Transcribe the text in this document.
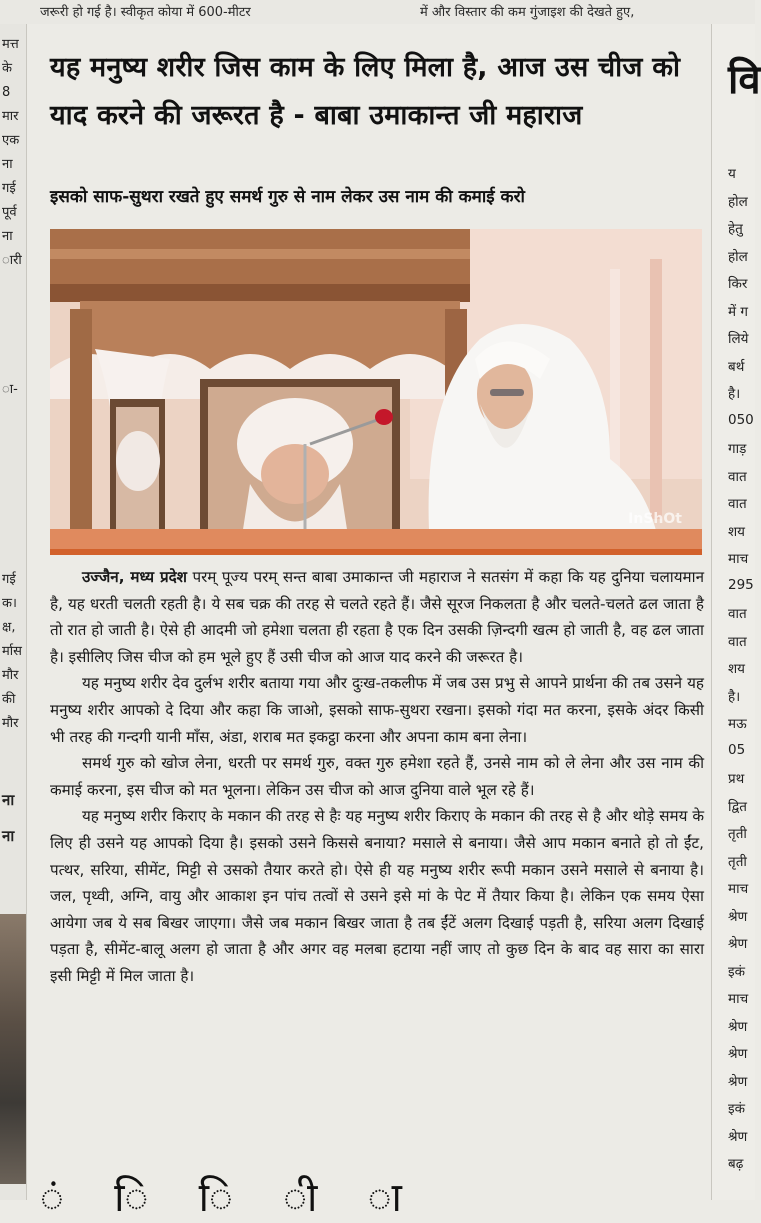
जरूरी हो गई है। स्वीकृत कोया में 600-मीटर	में और विस्तार की कम गुंजाइश की देखते हुए,
मत्त
के
8
मार
एक
ना
गई
पूर्व
ना
ारी
ा-
गई
क।
क्ष,
र्मास
मौर
की
मौर
ना
ना
यह मनुष्य शरीर जिस काम के लिए मिला है, आज उस चीज को याद करने की जरूरत है - बाबा उमाकान्त जी महाराज
इसको साफ-सुथरा रखते हुए समर्थ गुरु से नाम लेकर उस नाम की कमाई करो
InShOt

उज्जैन, मध्य प्रदेश परम् पूज्य परम् सन्त बाबा उमाकान्त जी महाराज ने सतसंग में कहा कि यह दुनिया चलायमान है, यह धरती चलती रहती है। ये सब चक्र की तरह से चलते रहते हैं। जैसे सूरज निकलता है और चलते-चलते ढल जाता है तो रात हो जाती है। ऐसे ही आदमी जो हमेशा चलता ही रहता है एक दिन उसकी ज़िन्दगी खत्म हो जाती है, वह ढल जाता है। इसीलिए जिस चीज को हम भूले हुए हैं उसी चीज को आज याद करने की जरूरत है।

यह मनुष्य शरीर देव दुर्लभ शरीर बताया गया और दुःख-तकलीफ में जब उस प्रभु से आपने प्रार्थना की तब उसने यह मनुष्य शरीर आपको दे दिया और कहा कि जाओ, इसको साफ-सुथरा रखना। इसको गंदा मत करना, इसके अंदर किसी भी तरह की गन्दगी यानी माँस, अंडा, शराब मत इकट्ठा करना और अपना काम बना लेना।

समर्थ गुरु को खोज लेना, धरती पर समर्थ गुरु, वक्त गुरु हमेशा रहते हैं, उनसे नाम को ले लेना और उस नाम की कमाई करना, इस चीज को मत भूलना। लेकिन उस चीज को आज दुनिया वाले भूल रहे हैं।

यह मनुष्य शरीर किराए के मकान की तरह से हैः यह मनुष्य शरीर किराए के मकान की तरह से है और थोड़े समय के लिए ही उसने यह आपको दिया है। इसको उसने किससे बनाया? मसाले से बनाया। जैसे आप मकान बनाते हो तो ईंट, पत्थर, सरिया, सीमेंट, मिट्टी से उसको तैयार करते हो। ऐसे ही यह मनुष्य शरीर रूपी मकान उसने मसाले से बनाया है। जल, पृथ्वी, अग्नि, वायु और आकाश इन पांच तत्वों से उसने इसे मां के पेट में तैयार किया है। लेकिन एक समय ऐसा आयेगा जब ये सब बिखर जाएगा। जैसे जब मकान बिखर जाता है तब ईंटें अलग दिखाई पड़ती है, सरिया अलग दिखाई पड़ता है, सीमेंट-बालू अलग हो जाता है और अगर वह मलबा हटाया नहीं जाए तो कुछ दिन के बाद वह सारा का सारा इसी मिट्टी में मिल जाता है।

वि
य
होल
हेतु
होल
किर
में ग
लिये
बर्थ
है।
050
गाड़
वात
वात
शय
माच
295
वात
वात
शय
है।
मऊ
05
प्रथ
द्वित
तृती
तृती
माच
श्रेण
श्रेण
इकं
माच
श्रेण
श्रेण
श्रेण
इकं
श्रेण
बढ़
ं ि ि ी ा
